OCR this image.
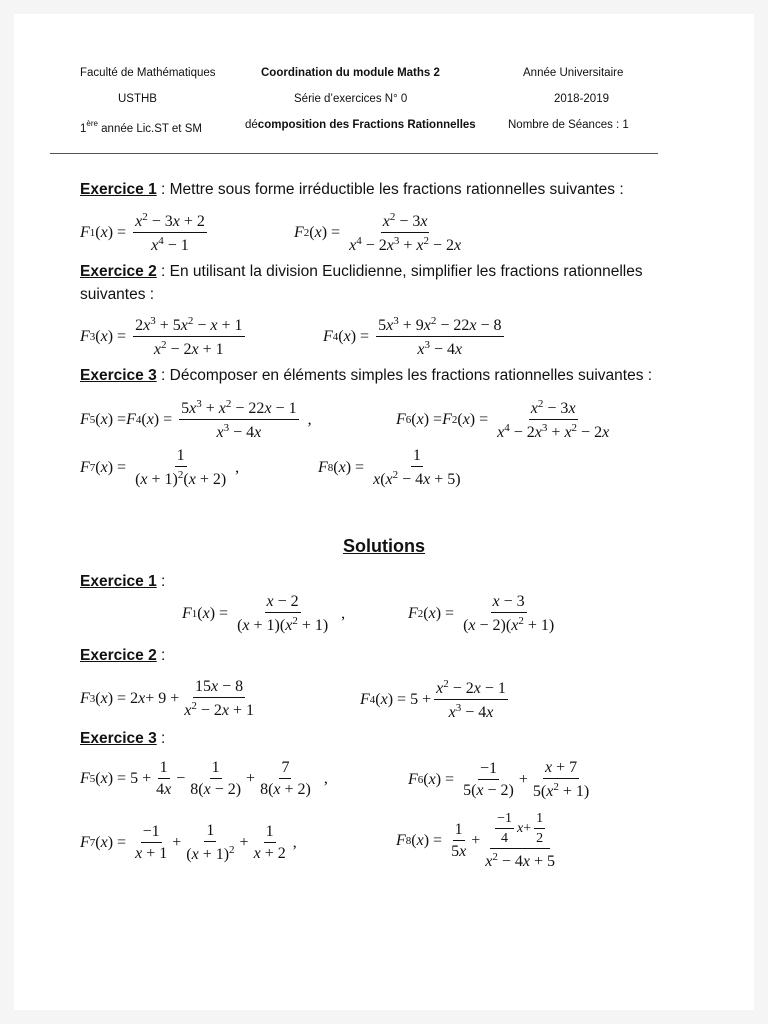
Faculté de Mathématiques	Coordination du module Maths 2	Année Universitaire
USTHB	Série d’exercices N° 0	2018-2019
1ère année Lic.ST et SM	décomposition des Fractions Rationnelles	Nombre de Séances : 1
Exercice 1 : Mettre sous forme irréductible les fractions rationnelles suivantes :
F 1 ( x ) = $\frac{x^2 - 3x + 2}{x^4 - 1}$	F 2 ( x ) = $\frac{x^2 - 3x}{x^4 - 2x^3 + x^2 - 2x}$
Exercice 2 : En utilisant la division Euclidienne, simplifier les fractions rationnelles
suivantes :
F 3 ( x ) = $\frac{2x^3 + 5x^2 - x + 1}{x^2 - 2x + 1}$	F 4 ( x ) = $\frac{5x^3 + 9x^2 - 22x - 8}{x^3 - 4x}$
Exercice 3 : Décomposer en éléments simples les fractions rationnelles suivantes :
F 5 ( x ) = F 4 ( x ) = $\frac{5x^3 + x^2 - 22x - 1}{x^3 - 4x}$ ,	F 6 ( x ) = F 2 ( x ) = $\frac{x^2 - 3x}{x^4 - 2x^3 + x^2 - 2x}$
F 7 ( x ) = $\frac{1}{(x + 1)^2(x + 2)}$ ,	F 8 ( x ) = $\frac{1}{x(x^2 - 4x + 5)}$
Solutions
Exercice 1 :
F 1 ( x ) = $\frac{x - 2}{(x + 1)(x^2 + 1)}$ ,	F 2 ( x ) = $\frac{x - 3}{(x - 2)(x^2 + 1)}$
Exercice 2 :
F 3 ( x ) = 2 $x + 9 + \frac{15x - 8}{x^2 - 2x + 1}$	F 4 ( x ) = $5 + \frac{x^2 - 2x - 1}{x^3 - 4x}$
Exercice 3 :
F 5 ( x ) = $5 + \frac{1}{4x} - \frac{1}{8(x - 2)} + \frac{7}{8(x + 2)}$ ,	F 6 ( x ) = $\frac{-1}{5(x - 2)} + \frac{x + 7}{5(x^2 + 1)}$
F 7 ( x ) = $\frac{-1}{x + 1} + \frac{1}{(x + 1)^2} + \frac{1}{x + 2}$ ,	F 8 ( x ) = $\frac{1}{5x} + \frac{\frac{-1}{4} x + \frac{1}{2}}{x^2 - 4x + 5}$
